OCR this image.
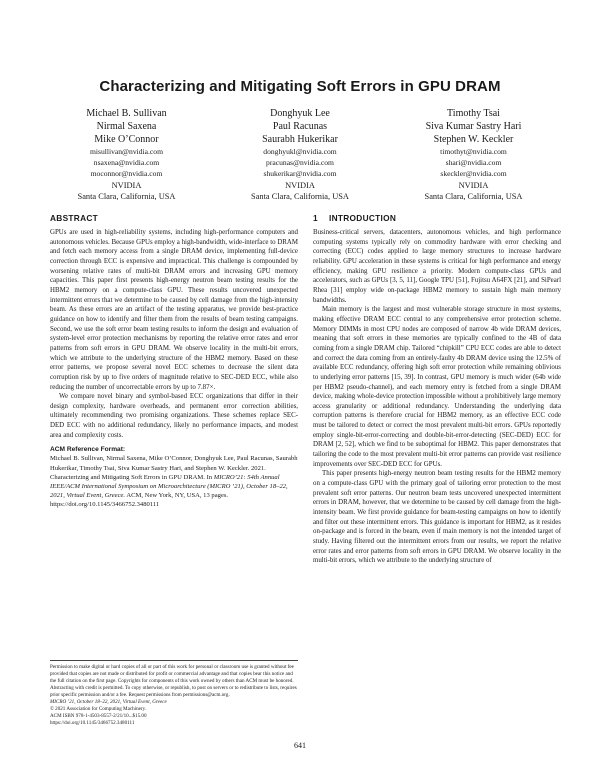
Characterizing and Mitigating Soft Errors in GPU DRAM
Michael B. Sullivan
Nirmal Saxena
Mike O’Connor
misullivan@nvidia.com
nsaxena@nvidia.com
moconnor@nvidia.com
NVIDIA
Santa Clara, California, USA
Donghyuk Lee
Paul Racunas
Saurabh Hukerikar
donghyukl@nvidia.com
pracunas@nvidia.com
shukerikar@nvidia.com
NVIDIA
Santa Clara, California, USA
Timothy Tsai
Siva Kumar Sastry Hari
Stephen W. Keckler
timothyt@nvidia.com
shari@nvidia.com
skeckler@nvidia.com
NVIDIA
Santa Clara, California, USA
ABSTRACT

GPUs are used in high-reliability systems, including high-performance computers and autonomous vehicles. Because GPUs employ a high-bandwidth, wide-interface to DRAM and fetch each memory access from a single DRAM device, implementing full-device correction through ECC is expensive and impractical. This challenge is compounded by worsening relative rates of multi-bit DRAM errors and increasing GPU memory capacities. This paper first presents high-energy neutron beam testing results for the HBM2 memory on a compute-class GPU. These results uncovered unexpected intermittent errors that we determine to be caused by cell damage from the high-intensity beam. As these errors are an artifact of the testing apparatus, we provide best-practice guidance on how to identify and filter them from the results of beam testing campaigns. Second, we use the soft error beam testing results to inform the design and evaluation of system-level error protection mechanisms by reporting the relative error rates and error patterns from soft errors in GPU DRAM. We observe locality in the multi-bit errors, which we attribute to the underlying structure of the HBM2 memory. Based on these error patterns, we propose several novel ECC schemes to decrease the silent data corruption risk by up to five orders of magnitude relative to SEC-DED ECC, while also reducing the number of uncorrectable errors by up to 7.87×.

We compare novel binary and symbol-based ECC organizations that differ in their design complexity, hardware overheads, and permanent error correction abilities, ultimately recommending two promising organizations. These schemes replace SEC-DED ECC with no additional redundancy, likely no performance impacts, and modest area and complexity costs.

ACM Reference Format:
Michael B. Sullivan, Nirmal Saxena, Mike O’Connor, Donghyuk Lee, Paul Racunas, Saurabh Hukerikar, Timothy Tsai, Siva Kumar Sastry Hari, and Stephen W. Keckler. 2021. Characterizing and Mitigating Soft Errors in GPU DRAM. In MICRO’21: 54th Annual IEEE/ACM International Symposium on Microarchitecture (MICRO ’21), October 18–22, 2021, Virtual Event, Greece. ACM, New York, NY, USA, 13 pages. https://doi.org/10.1145/3466752.3480111
Permission to make digital or hard copies of all or part of this work for personal or classroom use is granted without fee provided that copies are not made or distributed for profit or commercial advantage and that copies bear this notice and the full citation on the first page. Copyrights for components of this work owned by others than ACM must be honored. Abstracting with credit is permitted. To copy otherwise, or republish, to post on servers or to redistribute to lists, requires prior specific permission and/or a fee. Request permissions from permissions@acm.org.
MICRO ’21, October 18–22, 2021, Virtual Event, Greece
© 2021 Association for Computing Machinery.
ACM ISBN 978-1-4503-8557-2/21/10...$15.00
https://doi.org/10.1145/3466752.3480111
1 INTRODUCTION

Business-critical servers, datacenters, autonomous vehicles, and high performance computing systems typically rely on commodity hardware with error checking and correcting (ECC) codes applied to large memory structures to increase hardware reliability. GPU acceleration in these systems is critical for high performance and energy efficiency, making GPU resilience a priority. Modern compute-class GPUs and accelerators, such as GPUs [3, 5, 11], Google TPU [51], Fujitsu A64FX [21], and SiPearl Rhea [31] employ wide on-package HBM2 memory to sustain high main memory bandwidths.

Main memory is the largest and most vulnerable storage structure in most systems, making effective DRAM ECC central to any comprehensive error protection scheme. Memory DIMMs in most CPU nodes are composed of narrow 4b wide DRAM devices, meaning that soft errors in these memories are typically confined to the 4B of data coming from a single DRAM chip. Tailored “chipkill” CPU ECC codes are able to detect and correct the data coming from an entirely-faulty 4b DRAM device using the 12.5% of available ECC redundancy, offering high soft error protection while remaining oblivious to underlying error patterns [15, 39]. In contrast, GPU memory is much wider (64b wide per HBM2 pseudo-channel), and each memory entry is fetched from a single DRAM device, making whole-device protection impossible without a prohibitively large memory access granularity or additional redundancy. Understanding the underlying data corruption patterns is therefore crucial for HBM2 memory, as an effective ECC code must be tailored to detect or correct the most prevalent multi-bit errors. GPUs reportedly employ single-bit-error-correcting and double-bit-error-detecting (SEC-DED) ECC for DRAM [2, 52], which we find to be suboptimal for HBM2. This paper demonstrates that tailoring the code to the most prevalent multi-bit error patterns can provide vast resilience improvements over SEC-DED ECC for GPUs.

This paper presents high-energy neutron beam testing results for the HBM2 memory on a compute-class GPU with the primary goal of tailoring error protection to the most prevalent soft error patterns. Our neutron beam tests uncovered unexpected intermittent errors in DRAM, however, that we determine to be caused by cell damage from the high-intensity beam. We first provide guidance for beam-testing campaigns on how to identify and filter out these intermittent errors. This guidance is important for HBM2, as it resides on-package and is forced in the beam, even if main memory is not the intended target of study. Having filtered out the intermittent errors from our results, we report the relative error rates and error patterns from soft errors in GPU DRAM. We observe locality in the multi-bit errors, which we attribute to the underlying structure of

641
